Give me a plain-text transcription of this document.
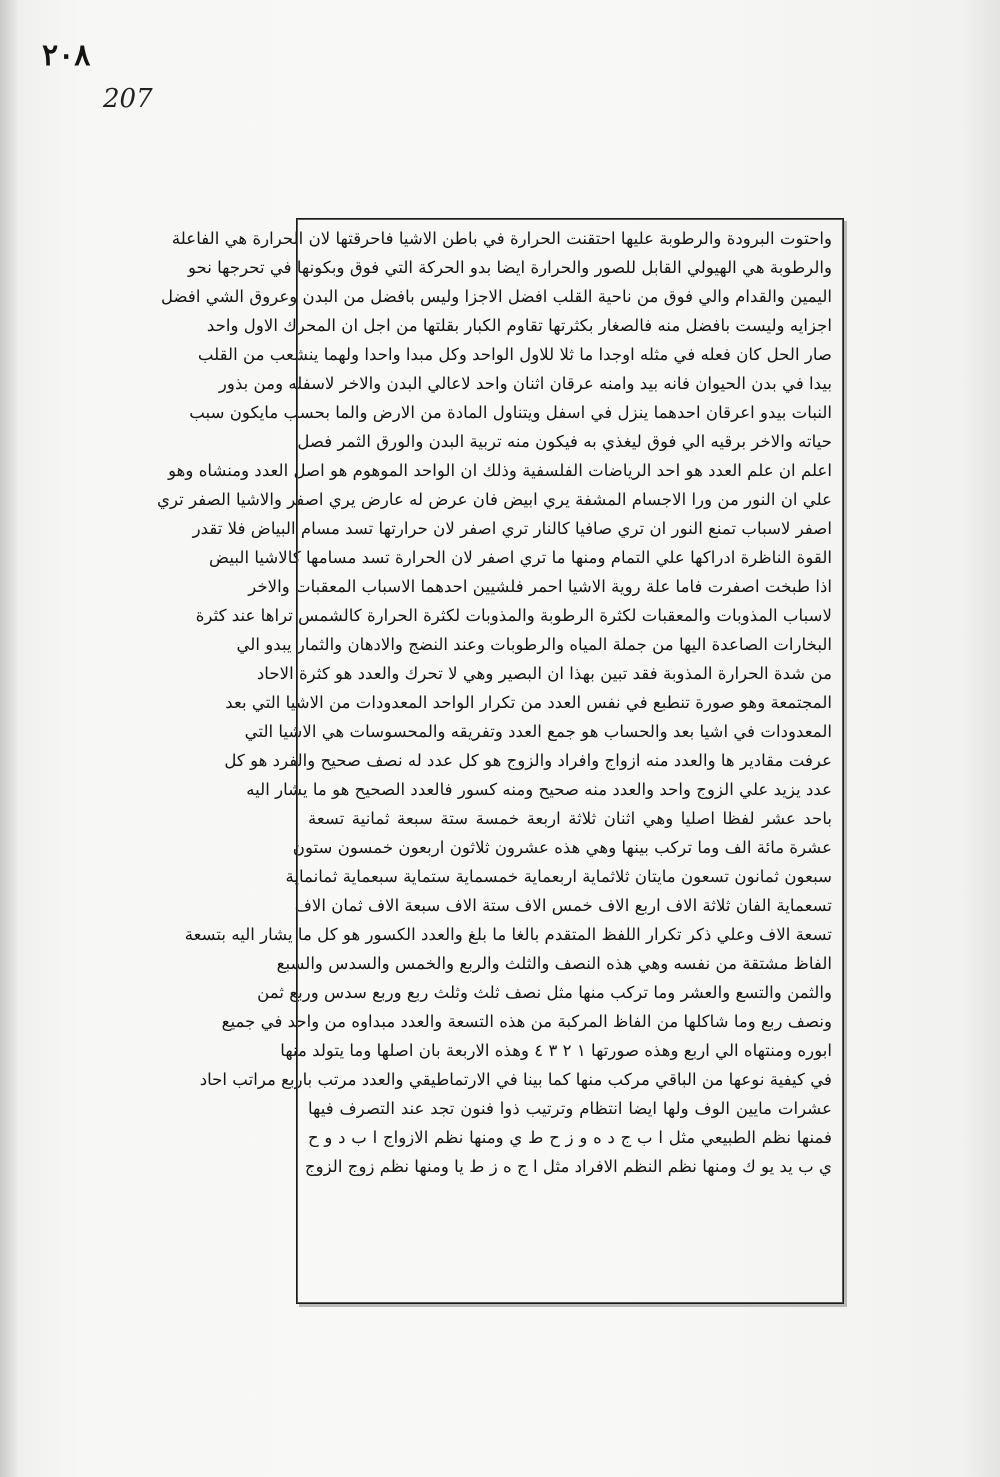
٢٠٨
207
واحتوت البرودة والرطوبة عليها احتقنت الحرارة في باطن الاشيا فاحرقتها لان الحرارة هي الفاعلة
والرطوبة هي الهيولي القابل للصور والحرارة ايضا بدو الحركة التي فوق وبكونها في تحرجها نحو
اليمين والقدام والي فوق من ناحية القلب افضل الاجزا وليس بافضل من البدن وعروق الشي افضل
اجزايه وليست بافضل منه فالصغار بكثرتها تقاوم الكبار بقلتها من اجل ان المحرك الاول واحد
صار الحل كان فعله في مثله اوجدا ما ثلا للاول الواحد وكل مبدا واحدا ولهما ينشعب من القلب
بيدا في بدن الحيوان فانه بيد وامنه عرقان اثنان واحد لاعالي البدن والاخر لاسفله ومن بذور
النبات بيدو اعرقان احدهما ينزل في اسفل ويتناول المادة من الارض والما بحسب مايكون سبب
حياته والاخر برقيه الي فوق ليغذي به فيكون منه تربية البدن والورق الثمر فصل
اعلم ان علم العدد هو احد الرياضات الفلسفية وذلك ان الواحد الموهوم هو اصل العدد ومنشاه وهو
علي ان النور من ورا الاجسام المشفة يري ابيض فان عرض له عارض يري اصفر والاشيا الصفر تري
اصفر لاسباب تمنع النور ان تري صافيا كالنار تري اصفر لان حرارتها تسد مسام البياض فلا تقدر
القوة الناظرة ادراكها علي التمام ومنها ما تري اصفر لان الحرارة تسد مسامها كالاشيا البيض
اذا طبخت اصفرت فاما علة روية الاشيا احمر فلشيين احدهما الاسباب المعقبات والاخر
لاسباب المذوبات والمعقبات لكثرة الرطوبة والمذوبات لكثرة الحرارة كالشمس تراها عند كثرة
البخارات الصاعدة اليها من جملة المياه والرطوبات وعند النضج والادهان والثمار يبدو الي
من شدة الحرارة المذوبة فقد تبين بهذا ان البصير وهي لا تحرك والعدد هو كثرة الاحاد
المجتمعة وهو صورة تنطبع في نفس العدد من تكرار الواحد المعدودات من الاشيا التي بعد
المعدودات في اشيا بعد والحساب هو جمع العدد وتفريقه والمحسوسات هي الاشيا التي
عرفت مقادير ها والعدد منه ازواج وافراد والزوج هو كل عدد له نصف صحيح والفرد هو كل
عدد يزيد علي الزوج واحد والعدد منه صحيح ومنه كسور فالعدد الصحيح هو ما يشار اليه
باحد عشر لفظا اصليا وهي اثنان ثلاثة اربعة خمسة ستة سبعة ثمانية تسعة
عشرة مائة الف وما تركب بينها وهي هذه عشرون ثلاثون اربعون خمسون ستون
سبعون ثمانون تسعون مايتان ثلاثماية اربعماية خمسماية ستماية سبعماية ثمانماية
تسعماية الفان ثلاثة الاف اربع الاف خمس الاف ستة الاف سبعة الاف ثمان الاف
تسعة الاف وعلي ذكر تكرار اللفظ المتقدم بالغا ما بلغ والعدد الكسور هو كل ما يشار اليه بتسعة
الفاظ مشتقة من نفسه وهي هذه النصف والثلث والربع والخمس والسدس والسبع
والثمن والتسع والعشر وما تركب منها مثل نصف ثلث وثلث ربع وربع سدس وربع ثمن
ونصف ربع وما شاكلها من الفاظ المركبة من هذه التسعة والعدد مبداوه من واحد في جميع
ابوره ومنتهاه الي اربع وهذه صورتها ١ ٢ ٣ ٤ وهذه الاربعة بان اصلها وما يتولد منها
في كيفية نوعها من الباقي مركب منها كما بينا في الارتماطيقي والعدد مرتب باربع مراتب احاد
عشرات مايين الوف ولها ايضا انتظام وترتيب ذوا فنون تجد عند التصرف فيها
فمنها نظم الطبيعي مثل ا ب ج د ه و ز ح ط ي ومنها نظم الازواج ا ب د و ح
ي ب يد يو ك ومنها نظم النظم الافراد مثل ا ج ه ز ط يا ومنها نظم زوج الزوج
